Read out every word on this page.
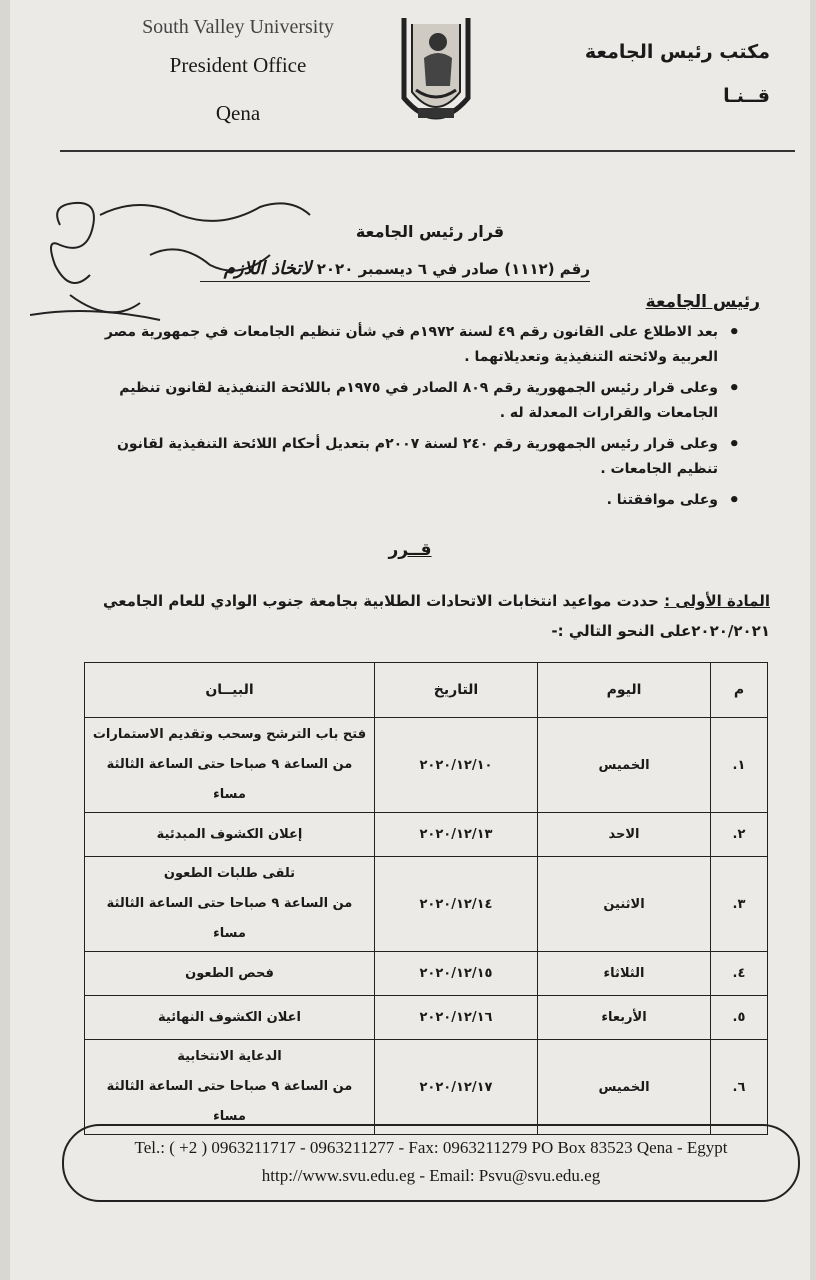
South Valley University
President Office
Qena
مكتب رئيس الجامعة
قــنـا
قرار رئيس الجامعة
رقم (١١١٢) صادر في ٦ ديسمبر ٢٠٢٠ لاتخاذ اللازم
رئيس الجامعة
• بعد الاطلاع على القانون رقم ٤٩ لسنة ١٩٧٢م في شأن تنظيم الجامعات في جمهورية مصر العربية ولائحته التنفيذية وتعديلاتهما .
• وعلى قرار رئيس الجمهورية رقم ٨٠٩ الصادر في ١٩٧٥م باللائحة التنفيذية لقانون تنظيم الجامعات والقرارات المعدلة له .
• وعلى قرار رئيس الجمهورية رقم ٢٤٠ لسنة ٢٠٠٧م بتعديل أحكام اللائحة التنفيذية لقانون تنظيم الجامعات .
• وعلى موافقتنا .
قــرر
المادة الأولى : حددت مواعيد انتخابات الاتحادات الطلابية بجامعة جنوب الوادي للعام الجامعي ٢٠٢٠/٢٠٢١على النحو التالي :-
م	اليوم	التاريخ	البيــان
١.	الخميس	٢٠٢٠/١٢/١٠	فتح باب الترشح وسحب وتقديم الاستمارات
من الساعة ٩ صباحا حتى الساعة الثالثة مساء

٢.	الاحد	٢٠٢٠/١٢/١٣	إعلان الكشوف المبدئية

٣.	الاثنين	٢٠٢٠/١٢/١٤	تلقى طلبات الطعون
من الساعة ٩ صباحا حتى الساعة الثالثة مساء

٤.	الثلاثاء	٢٠٢٠/١٢/١٥	فحص الطعون

٥.	الأربعاء	٢٠٢٠/١٢/١٦	اعلان الكشوف النهائية

٦.	الخميس	٢٠٢٠/١٢/١٧	الدعاية الانتخابية
من الساعة ٩ صباحا حتى الساعة الثالثة مساء
Tel.: ( +2 ) 0963211717 - 0963211277 - Fax: 0963211279 PO Box 83523 Qena - Egypt
http://www.svu.edu.eg - Email: Psvu@svu.edu.eg
